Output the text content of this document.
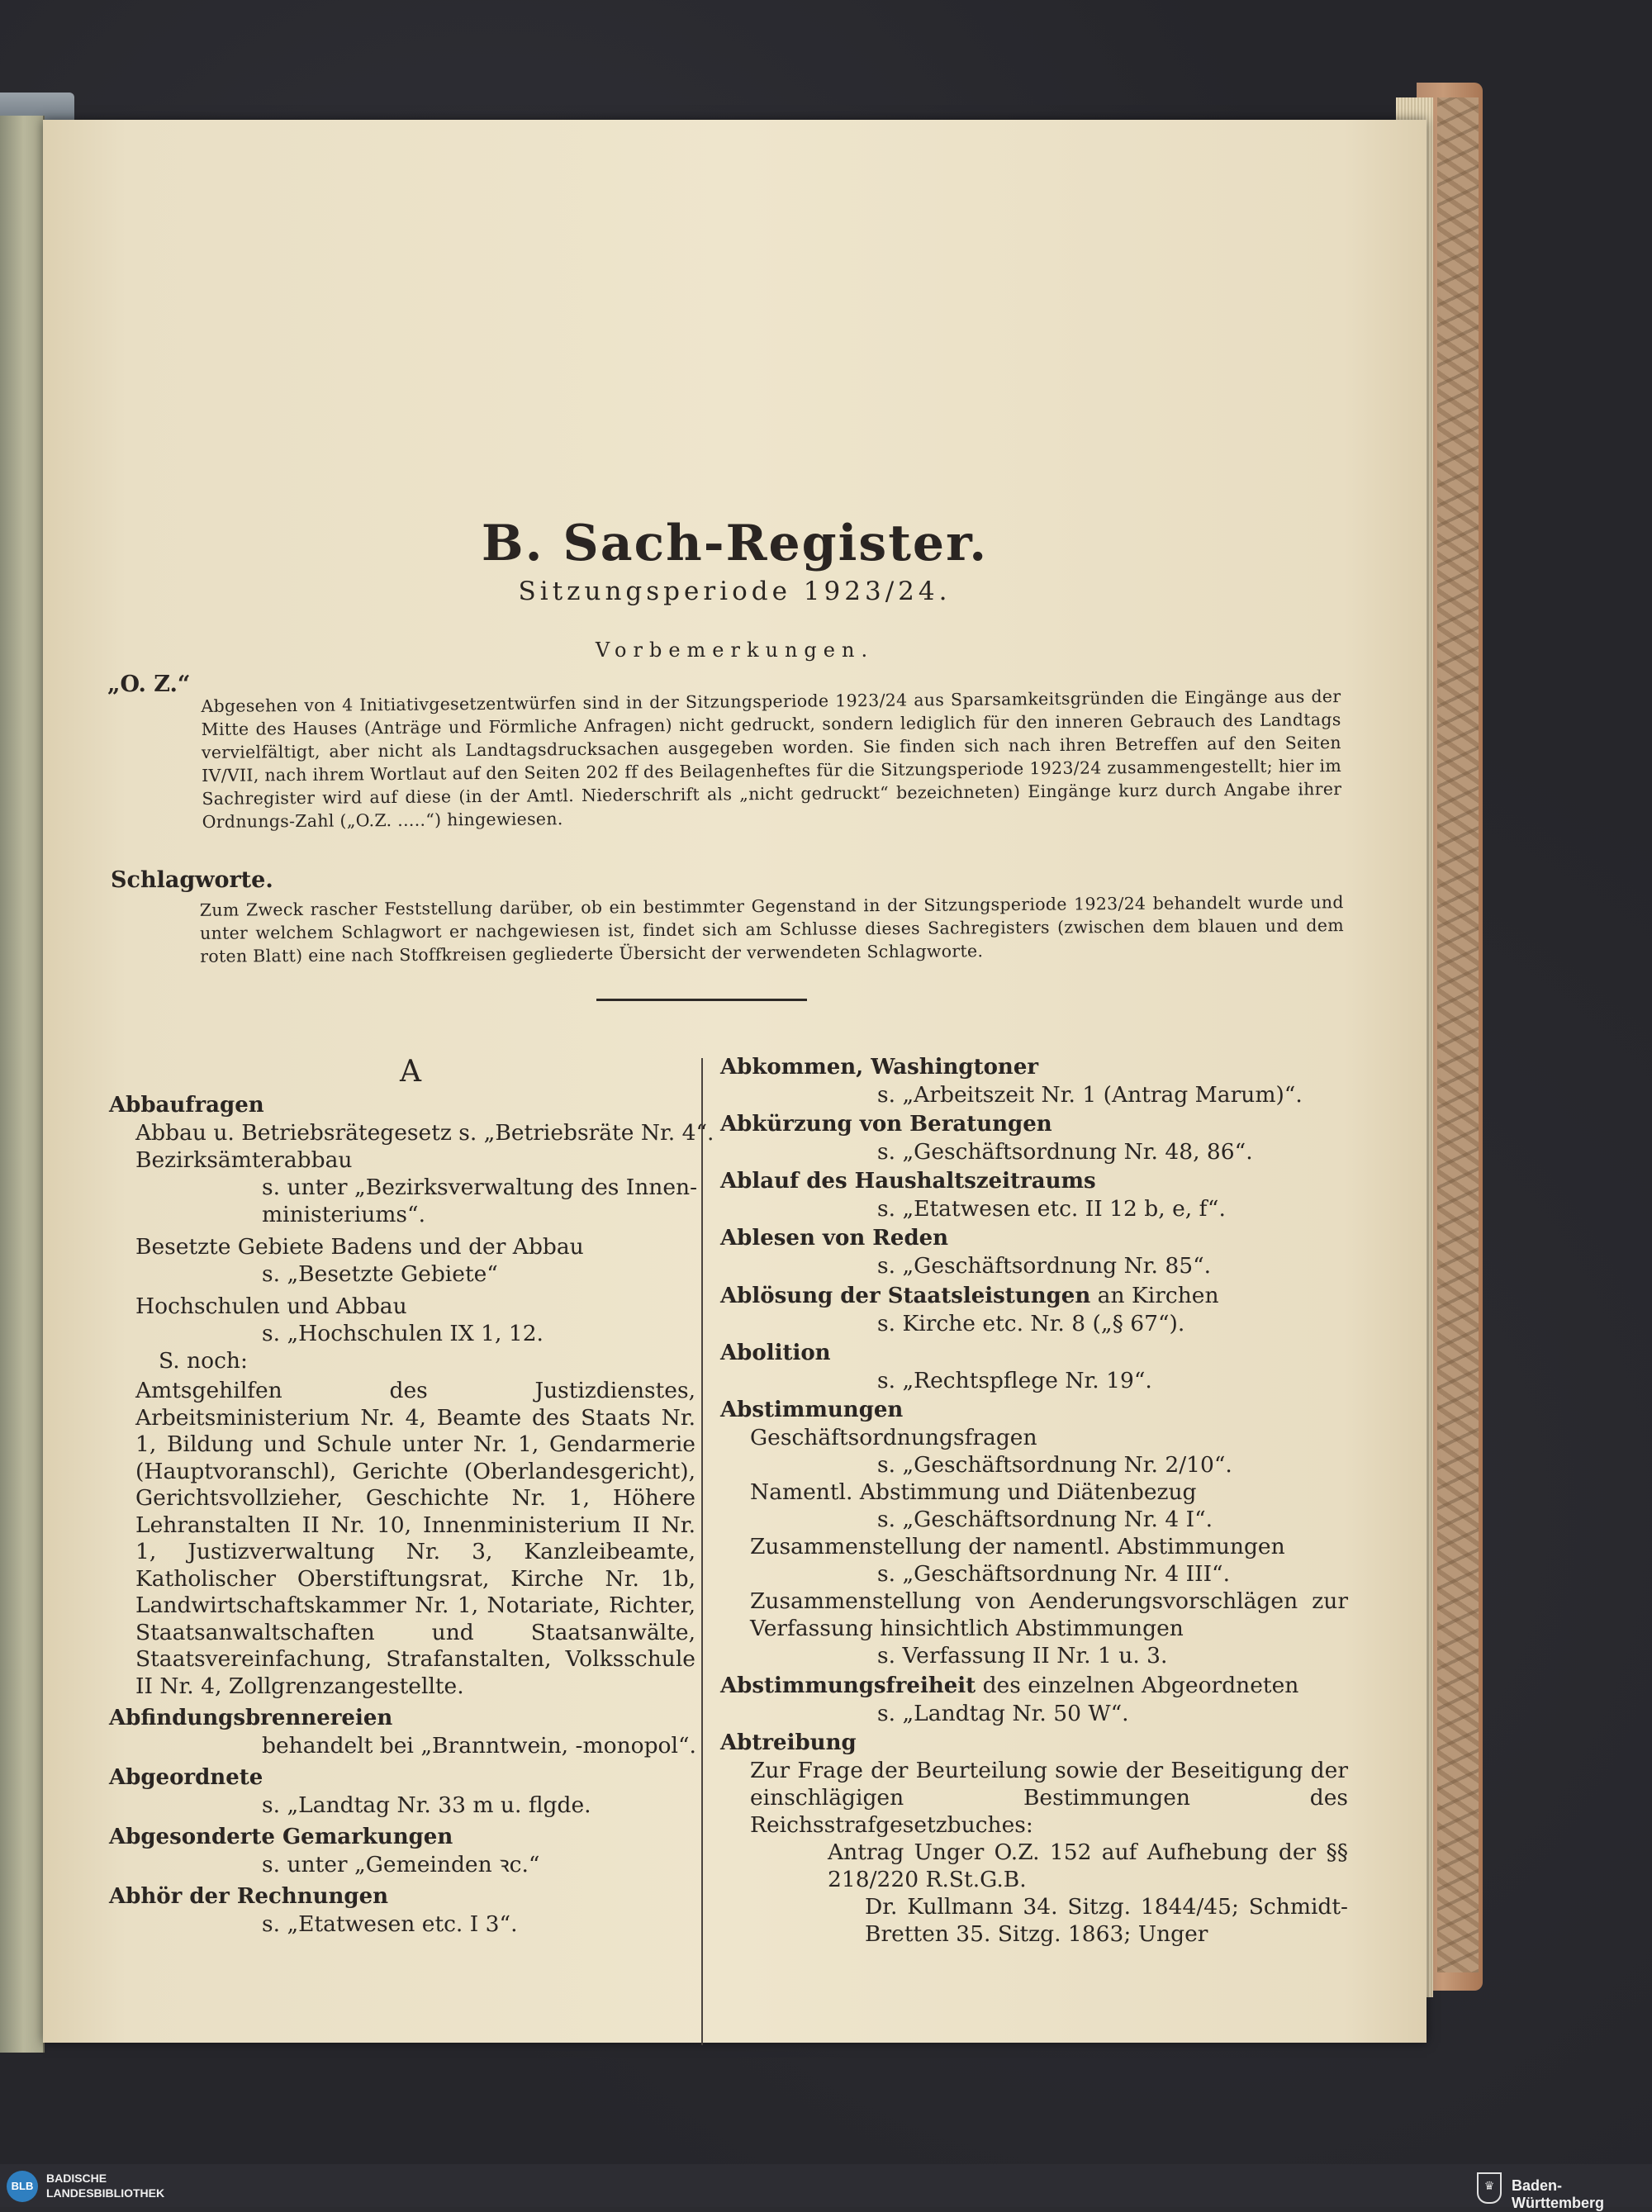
B. Sach-Register.
Sitzungsperiode 1923/24.
Vorbemerkungen.
„O. Z.“

Abgesehen von 4 Initiativgesetzentwürfen sind in der Sitzungsperiode 1923/24 aus Sparsamkeitsgründen die Eingänge aus der Mitte des Hauses (Anträge und Förmliche Anfragen) nicht gedruckt, sondern lediglich für den inneren Gebrauch des Landtags vervielfältigt, aber nicht als Landtagsdrucksachen ausgegeben worden. Sie finden sich nach ihren Betreffen auf den Seiten IV/VII, nach ihrem Wortlaut auf den Seiten 202 ff des Beilagenheftes für die Sitzungsperiode 1923/24 zusammengestellt; hier im Sachregister wird auf diese (in der Amtl. Niederschrift als „nicht gedruckt“ bezeichneten) Eingänge kurz durch Angabe ihrer Ordnungs-Zahl („O.Z. .....“) hingewiesen.

Schlagworte.

Zum Zweck rascher Feststellung darüber, ob ein bestimmter Gegenstand in der Sitzungsperiode 1923/24 behandelt wurde und unter welchem Schlagwort er nachgewiesen ist, findet sich am Schlusse dieses Sachregisters (zwischen dem blauen und dem roten Blatt) eine nach Stoffkreisen gegliederte Übersicht der verwendeten Schlagworte.

A
Abbaufragen
Abbau u. Betriebsrätegesetz s. „Betriebsräte Nr. 4“.
Bezirksämterabbau
s. unter „Bezirksverwaltung des Innen-
ministeriums“.
Besetzte Gebiete Badens und der Abbau
s. „Besetzte Gebiete“
Hochschulen und Abbau
s. „Hochschulen IX 1, 12.
S. noch:
Amtsgehilfen des Justizdienstes, Arbeitsministerium Nr. 4, Beamte des Staats Nr. 1, Bildung und Schule unter Nr. 1, Gendarmerie (Hauptvoranschl), Gerichte (Oberlandesgericht), Gerichtsvollzieher, Geschichte Nr. 1, Höhere Lehranstalten II Nr. 10, Innenministerium II Nr. 1, Justizverwaltung Nr. 3, Kanzleibeamte, Katholischer Oberstiftungsrat, Kirche Nr. 1b, Landwirtschaftskammer Nr. 1, Notariate, Richter, Staatsanwaltschaften und Staatsanwälte, Staatsvereinfachung, Strafanstalten, Volksschule II Nr. 4, Zollgrenzangestellte.
Abfindungsbrennereien
behandelt bei „Branntwein, -monopol“.
Abgeordnete
s. „Landtag Nr. 33 m u. flgde.
Abgesonderte Gemarkungen
s. unter „Gemeinden ꝛc.“
Abhör der Rechnungen
s. „Etatwesen etc. I 3“.
Abkommen, Washingtoner
s. „Arbeitszeit Nr. 1 (Antrag Marum)“.
Abkürzung von Beratungen
s. „Geschäftsordnung Nr. 48, 86“.
Ablauf des Haushaltszeitraums
s. „Etatwesen etc. II 12 b, e, f“.
Ablesen von Reden
s. „Geschäftsordnung Nr. 85“.
Ablösung der Staatsleistungen an Kirchen
s. Kirche etc. Nr. 8 („§ 67“).
Abolition
s. „Rechtspflege Nr. 19“.
Abstimmungen
Geschäftsordnungsfragen
s. „Geschäftsordnung Nr. 2/10“.
Namentl. Abstimmung und Diätenbezug
s. „Geschäftsordnung Nr. 4 I“.
Zusammenstellung der namentl. Abstimmungen
s. „Geschäftsordnung Nr. 4 III“.
Zusammenstellung von Aenderungsvorschlägen zur Verfassung hinsichtlich Abstimmungen
s. Verfassung II Nr. 1 u. 3.
Abstimmungsfreiheit des einzelnen Abgeordneten
s. „Landtag Nr. 50 W“.
Abtreibung
Zur Frage der Beurteilung sowie der Beseitigung der einschlägigen Bestimmungen des Reichsstrafgesetzbuches:
Antrag Unger O.Z. 152 auf Aufhebung der §§ 218/220 R.St.G.B.
Dr. Kullmann 34. Sitzg. 1844/45; Schmidt-Bretten 35. Sitzg. 1863; Unger
BLB
BADISCHE
LANDESBIBLIOTHEK	♛	Baden-Württemberg
